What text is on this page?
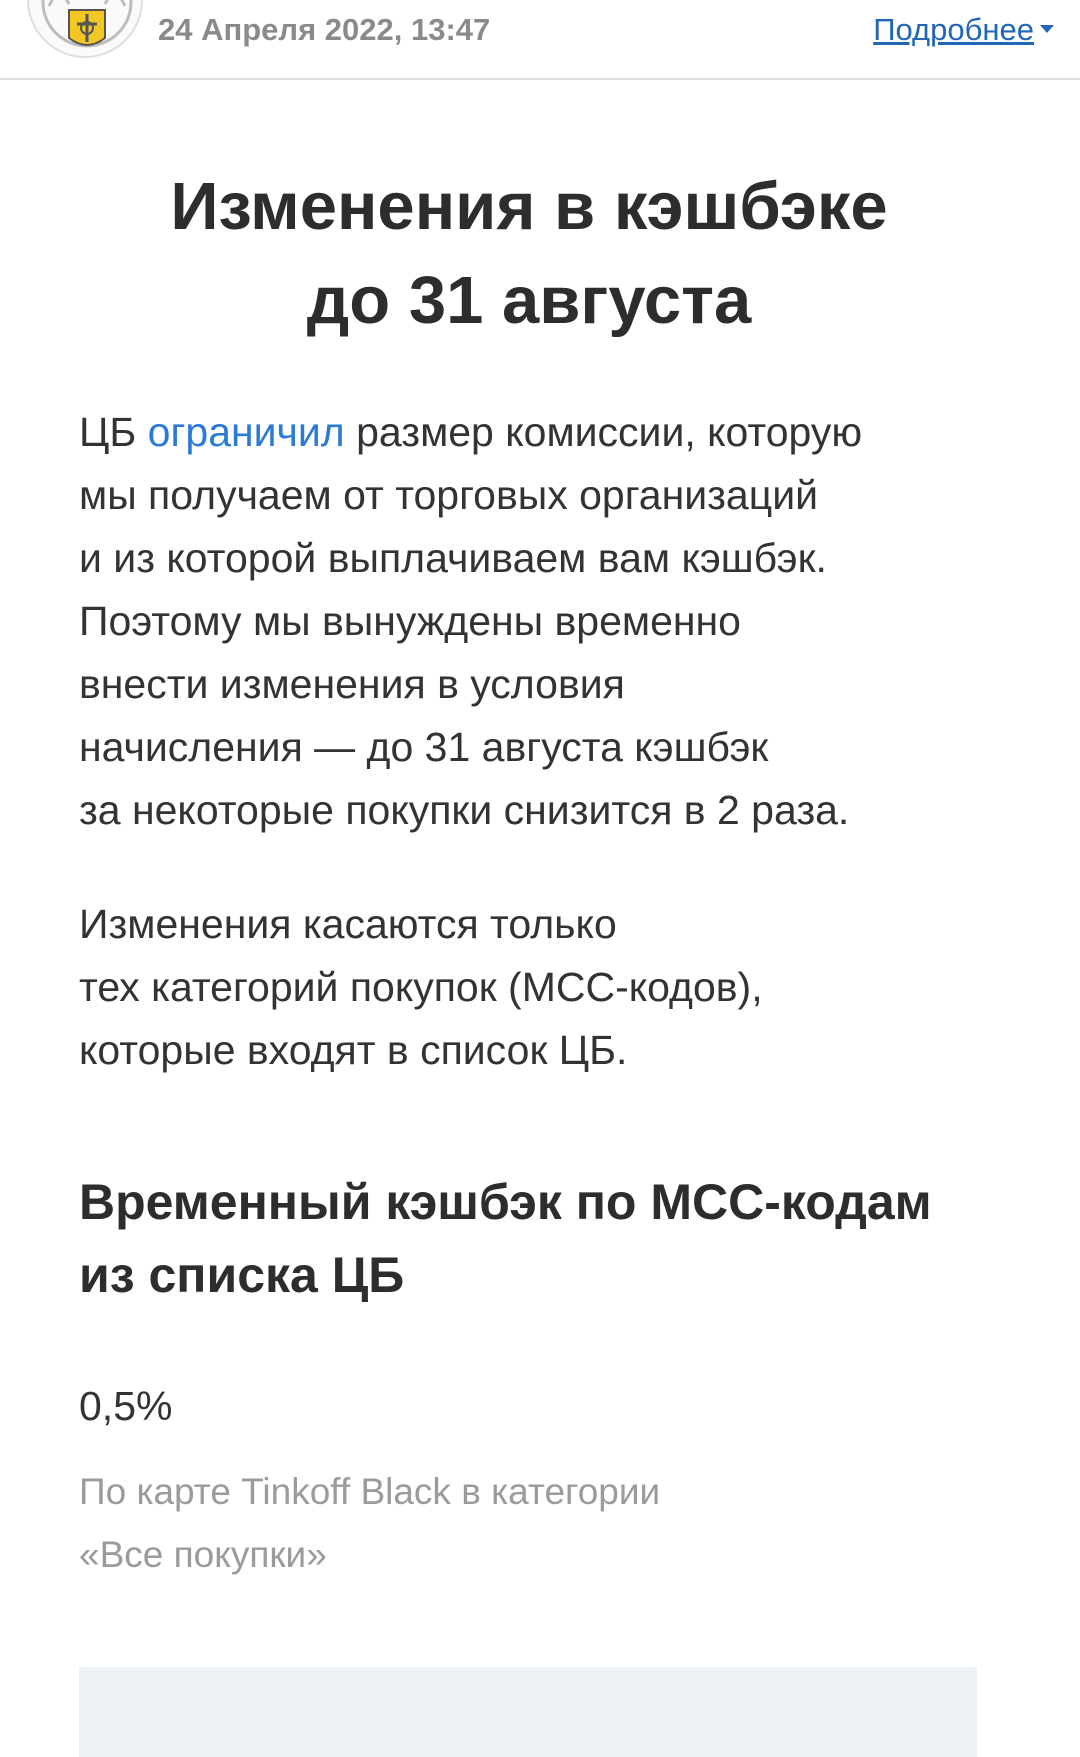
24 Апреля 2022, 13:47	Подробнее
Изменения в кэшбэке
до 31 августа

ЦБ ограничил размер комиссии, которую
мы получаем от торговых организаций
и из которой выплачиваем вам кэшбэк.
Поэтому мы вынуждены временно
внести изменения в условия
начисления — до 31 августа кэшбэк
за некоторые покупки снизится в 2 раза.

Изменения касаются только
тех категорий покупок (MCC-кодов),
которые входят в список ЦБ.

Временный кэшбэк по MCC-кодам
из списка ЦБ
0,5%

По карте Tinkoff Black в категории
«Все покупки»
